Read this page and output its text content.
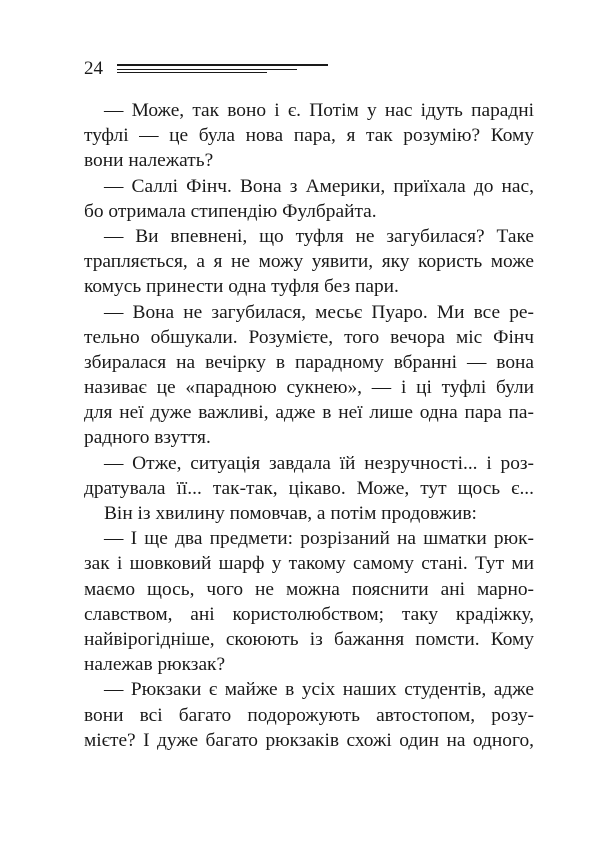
24
— Може, так воно і є. Потім у нас ідуть парадні
туфлі — це була нова пара, я так розумію? Кому
вони належать?
— Саллі Фінч. Вона з Америки, приїхала до нас,
бо отримала стипендію Фулбрайта.
— Ви впевнені, що туфля не загубилася? Таке
трапляється, а я не можу уявити, яку користь може
комусь принести одна туфля без пари.
— Вона не загубилася, месьє Пуаро. Ми все ре-
тельно обшукали. Розумієте, того вечора міс Фінч
збиралася на вечірку в парадному вбранні — вона
називає це «парадною сукнею», — і ці туфлі були
для неї дуже важливі, адже в неї лише одна пара па-
радного взуття.
— Отже, ситуація завдала їй незручності... і роз-
дратувала її... так-так, цікаво. Може, тут щось є...
Він із хвилину помовчав, а потім продовжив:
— І ще два предмети: розрізаний на шматки рюк-
зак і шовковий шарф у такому самому стані. Тут ми
маємо щось, чого не можна пояснити ані марно-
славством, ані користолюбством; таку крадіжку,
найвірогідніше, скоюють із бажання помсти. Кому
належав рюкзак?
— Рюкзаки є майже в усіх наших студентів, адже
вони всі багато подорожують автостопом, розу-
мієте? І дуже багато рюкзаків схожі один на одного,
